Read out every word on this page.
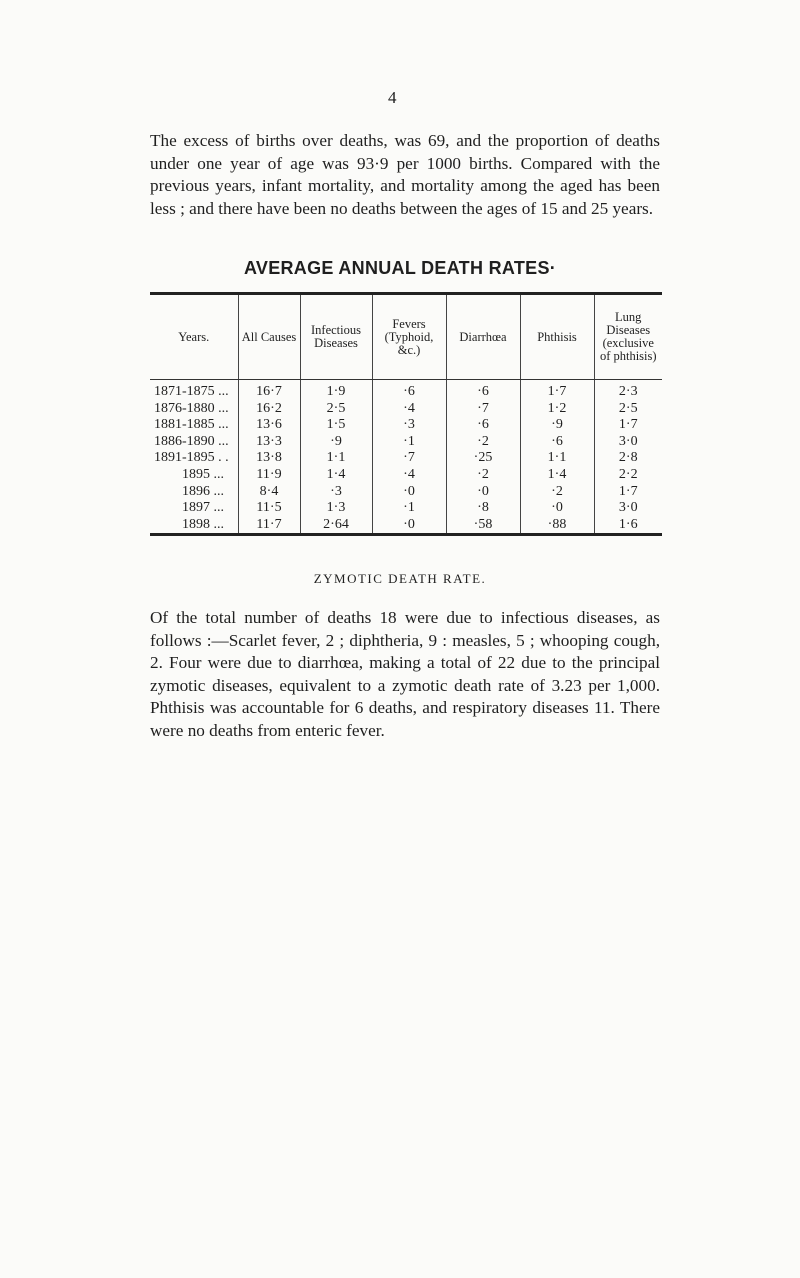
4

The excess of births over deaths, was 69, and the proportion of deaths under one year of age was 93·9 per 1000 births. Compared with the previous years, infant mortality, and mortality among the aged has been less ; and there have been no deaths between the ages of 15 and 25 years.

AVERAGE ANNUAL DEATH RATES·
Years.	All Causes	Infectious Diseases	Fevers (Typhoid, &c.)	Diarrhœa	Phthisis	Lung Diseases (exclusive of phthisis)
1871-1875 ...	16·7	1·9	·6	·6	1·7	2·3
1876-1880 ...	16·2	2·5	·4	·7	1·2	2·5
1881-1885 ...	13·6	1·5	·3	·6	·9	1·7
1886-1890 ...	13·3	·9	·1	·2	·6	3·0
1891-1895 . .	13·8	1·1	·7	·25	1·1	2·8
1895 ...	11·9	1·4	·4	·2	1·4	2·2
1896 ...	8·4	·3	·0	·0	·2	1·7
1897 ...	11·5	1·3	·1	·8	·0	3·0
1898 ...	11·7	2·64	·0	·58	·88	1·6
ZYMOTIC DEATH RATE.

Of the total number of deaths 18 were due to infectious diseases, as follows :—Scarlet fever, 2 ; diphtheria, 9 : measles, 5 ; whooping cough, 2. Four were due to diarrhœa, making a total of 22 due to the principal zymotic diseases, equivalent to a zymotic death rate of 3.23 per 1,000. Phthisis was accountable for 6 deaths, and respiratory diseases 11. There were no deaths from enteric fever.
